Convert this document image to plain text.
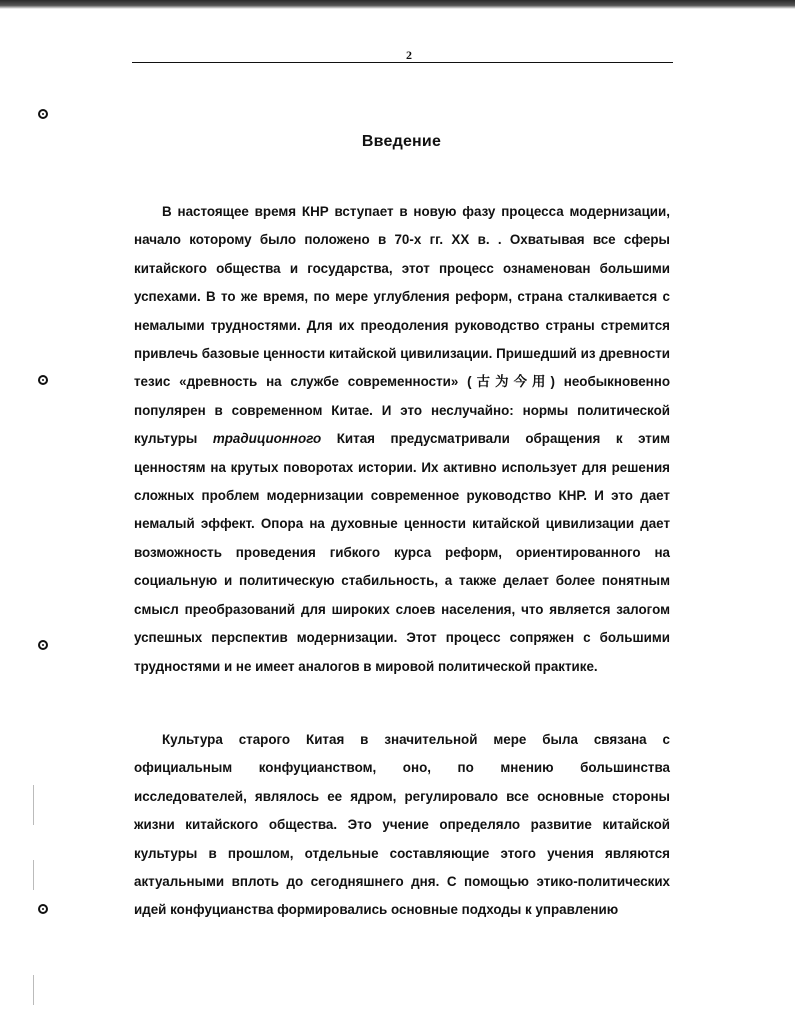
2
Введение

В настоящее время КНР вступает в новую фазу процесса модернизации, начало которому было положено в 70-х гг. XX в. . Охватывая все сферы китайского общества и государства, этот процесс ознаменован большими успехами. В то же время, по мере углубления реформ, страна сталкивается с немалыми трудностями. Для их преодоления руководство страны стремится привлечь базовые ценности китайской цивилизации. Пришедший из древности тезис «древность на службе современности» (古为今用) необыкновенно популярен в современном Китае. И это неслучайно: нормы политической культуры традиционного Китая предусматривали обращения к этим ценностям на крутых поворотах истории. Их активно использует для решения сложных проблем модернизации современное руководство КНР. И это дает немалый эффект. Опора на духовные ценности китайской цивилизации дает возможность проведения гибкого курса реформ, ориентированного на социальную и политическую стабильность, а также делает более понятным смысл преобразований для широких слоев населения, что является залогом успешных перспектив модернизации. Этот процесс сопряжен с большими трудностями и не имеет аналогов в мировой политической практике.

Культура старого Китая в значительной мере была связана с официальным конфуцианством, оно, по мнению большинства исследователей, являлось ее ядром, регулировало все основные стороны жизни китайского общества. Это учение определяло развитие китайской культуры в прошлом, отдельные составляющие этого учения являются актуальными вплоть до сегодняшнего дня. С помощью этико-политических идей конфуцианства формировались основные подходы к управлению
